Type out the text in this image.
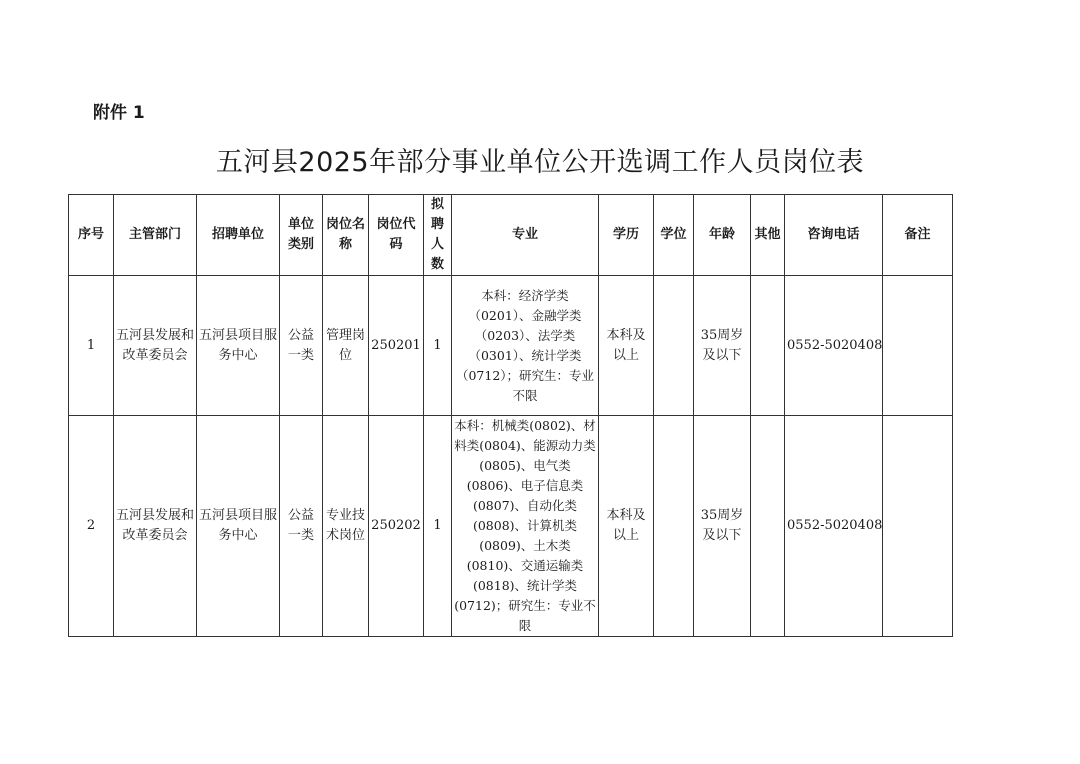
附件 1
五河县2025年部分事业单位公开选调工作人员岗位表
序号	主管部门	招聘单位	单位类别	岗位名称	岗位代码	拟聘人数	专业	学历	学位	年龄	其他	咨询电话	备注
1	五河县发展和改革委员会	五河县项目服务中心	公益一类	管理岗位	250201	1	本科：经济学类（0201）、金融学类（0203）、法学类（0301）、统计学类（0712）；研究生：专业不限	本科及以上		35周岁及以下		0552-5020408	
2	五河县发展和改革委员会	五河县项目服务中心	公益一类	专业技术岗位	250202	1	本科：机械类(0802)、材料类(0804)、能源动力类(0805)、电气类(0806)、电子信息类(0807)、自动化类(0808)、计算机类(0809)、土木类(0810)、交通运输类(0818)、统计学类(0712)；研究生：专业不限	本科及以上		35周岁及以下		0552-5020408	
